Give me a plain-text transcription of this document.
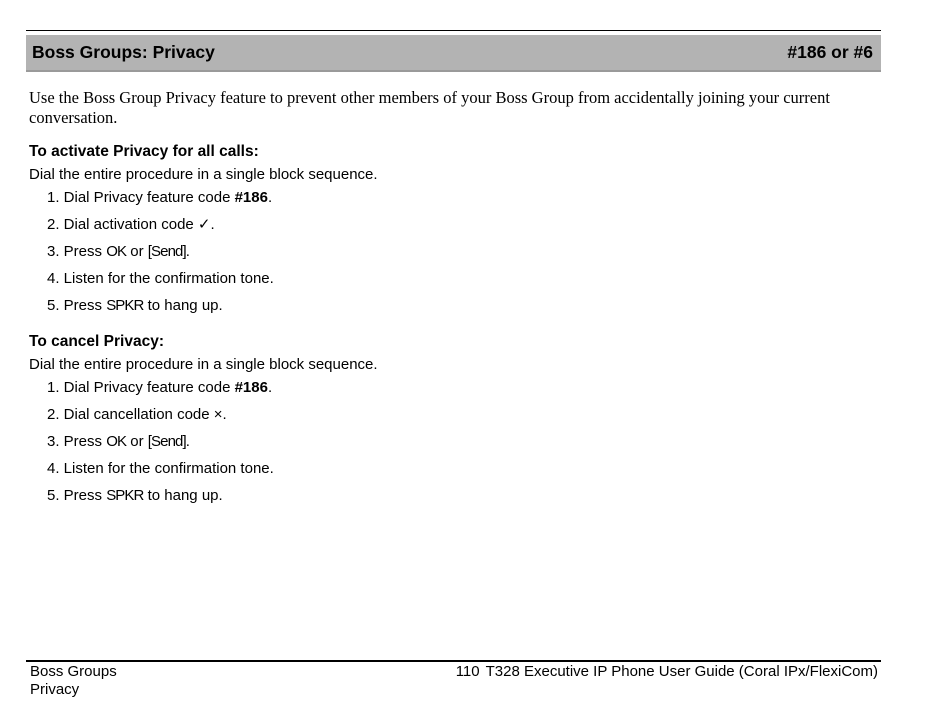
Boss Groups: Privacy	#186 or #6
Use the Boss Group Privacy feature to prevent other members of your Boss Group from accidentally joining your current conversation.
To activate Privacy for all calls:
Dial the entire procedure in a single block sequence.
1. Dial Privacy feature code #186.
2. Dial activation code ✓.
3. Press OK or [Send].
4. Listen for the confirmation tone.
5. Press SPKR to hang up.
To cancel Privacy:
Dial the entire procedure in a single block sequence.
1. Dial Privacy feature code #186.
2. Dial cancellation code ×.
3. Press OK or [Send].
4. Listen for the confirmation tone.
5. Press SPKR to hang up.
Boss Groups
Privacy
110 T328 Executive IP Phone User Guide (Coral IPx/FlexiCom)
